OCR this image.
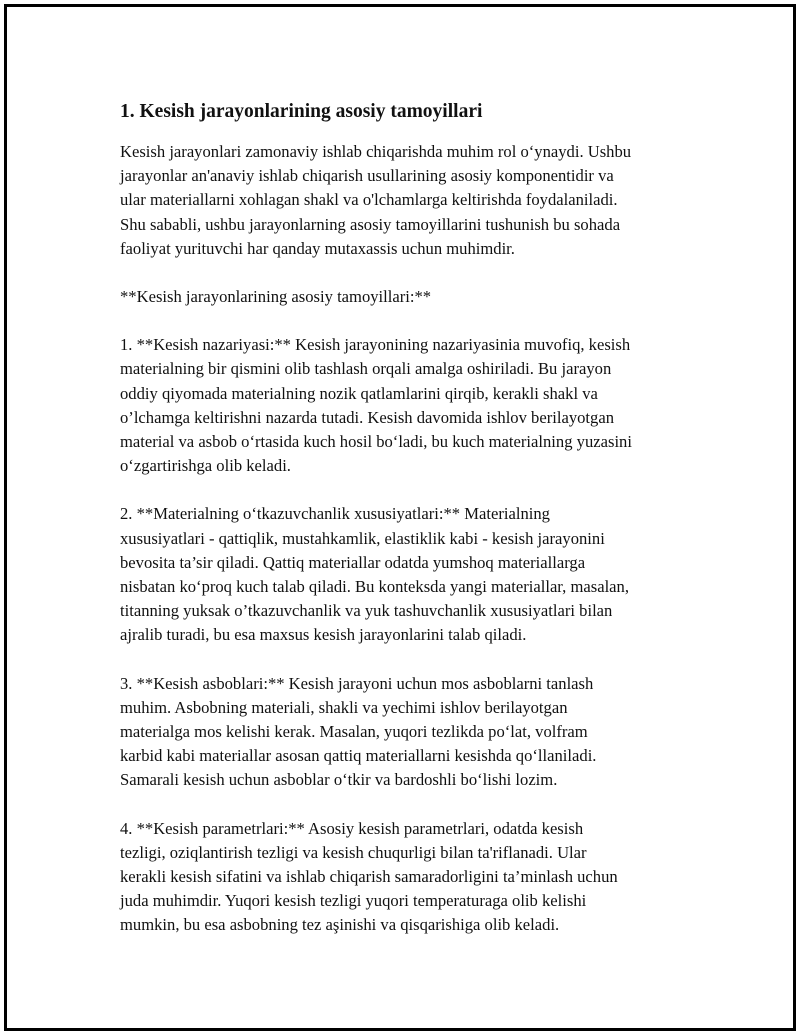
1. Kesish jarayonlarining asosiy tamoyillari

Kesish jarayonlari zamonaviy ishlab chiqarishda muhim rol o‘ynaydi. Ushbu
jarayonlar an'anaviy ishlab chiqarish usullarining asosiy komponentidir va
ular materiallarni xohlagan shakl va o'lchamlarga keltirishda foydalaniladi.
Shu sababli, ushbu jarayonlarning asosiy tamoyillarini tushunish bu sohada
faoliyat yurituvchi har qanday mutaxassis uchun muhimdir.

**Kesish jarayonlarining asosiy tamoyillari:**

1. **Kesish nazariyasi:** Kesish jarayonining nazariyasinia muvofiq, kesish
materialning bir qismini olib tashlash orqali amalga oshiriladi. Bu jarayon
oddiy qiyomada materialning nozik qatlamlarini qirqib, kerakli shakl va
o’lchamga keltirishni nazarda tutadi. Kesish davomida ishlov berilayotgan
material va asbob o‘rtasida kuch hosil bo‘ladi, bu kuch materialning yuzasini
o‘zgartirishga olib keladi.

2. **Materialning o‘tkazuvchanlik xususiyatlari:** Materialning
xususiyatlari - qattiqlik, mustahkamlik, elastiklik kabi - kesish jarayonini
bevosita ta’sir qiladi. Qattiq materiallar odatda yumshoq materiallarga
nisbatan ko‘proq kuch talab qiladi. Bu konteksda yangi materiallar, masalan,
titanning yuksak o’tkazuvchanlik va yuk tashuvchanlik xususiyatlari bilan
ajralib turadi, bu esa maxsus kesish jarayonlarini talab qiladi.

3. **Kesish asboblari:** Kesish jarayoni uchun mos asboblarni tanlash
muhim. Asbobning materiali, shakli va yechimi ishlov berilayotgan
materialga mos kelishi kerak. Masalan, yuqori tezlikda po‘lat, volfram
karbid kabi materiallar asosan qattiq materiallarni kesishda qo‘llaniladi.
Samarali kesish uchun asboblar o‘tkir va bardoshli bo‘lishi lozim.

4. **Kesish parametrlari:** Asosiy kesish parametrlari, odatda kesish
tezligi, oziqlantirish tezligi va kesish chuqurligi bilan ta'riflanadi. Ular
kerakli kesish sifatini va ishlab chiqarish samaradorligini ta’minlash uchun
juda muhimdir. Yuqori kesish tezligi yuqori temperaturaga olib kelishi
mumkin, bu esa asbobning tez aşinishi va qisqarishiga olib keladi.
